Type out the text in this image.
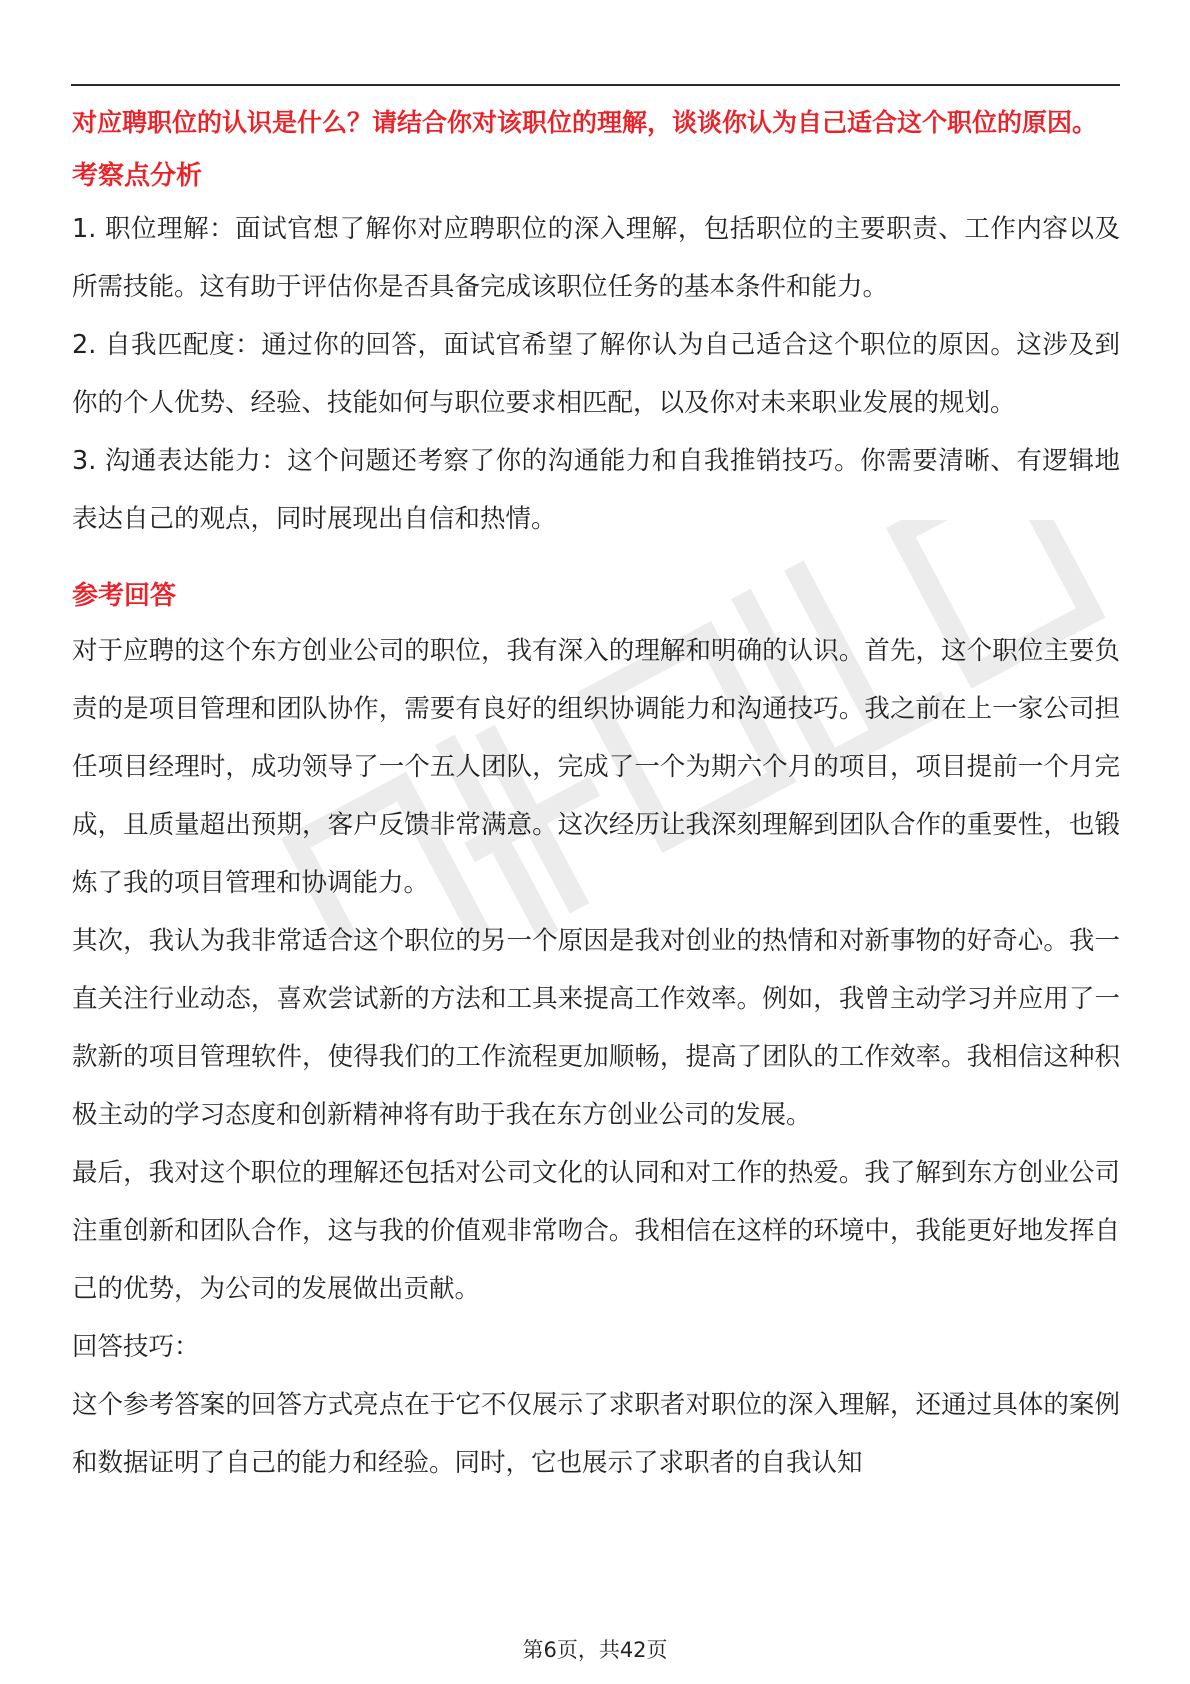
对应聘职位的认识是什么？请结合你对该职位的理解，谈谈你认为自己适合这个职位的原因。

考察点分析

1. 职位理解：面试官想了解你对应聘职位的深入理解，包括职位的主要职责、工作内容以及所需技能。这有助于评估你是否具备完成该职位任务的基本条件和能力。

2. 自我匹配度：通过你的回答，面试官希望了解你认为自己适合这个职位的原因。这涉及到你的个人优势、经验、技能如何与职位要求相匹配，以及你对未来职业发展的规划。

3. 沟通表达能力：这个问题还考察了你的沟通能力和自我推销技巧。你需要清晰、有逻辑地表达自己的观点，同时展现出自信和热情。

参考回答

对于应聘的这个东方创业公司的职位，我有深入的理解和明确的认识。首先，这个职位主要负责的是项目管理和团队协作，需要有良好的组织协调能力和沟通技巧。我之前在上一家公司担任项目经理时，成功领导了一个五人团队，完成了一个为期六个月的项目，项目提前一个月完成，且质量超出预期，客户反馈非常满意。这次经历让我深刻理解到团队合作的重要性，也锻炼了我的项目管理和协调能力。

其次，我认为我非常适合这个职位的另一个原因是我对创业的热情和对新事物的好奇心。我一直关注行业动态，喜欢尝试新的方法和工具来提高工作效率。例如，我曾主动学习并应用了一款新的项目管理软件，使得我们的工作流程更加顺畅，提高了团队的工作效率。我相信这种积极主动的学习态度和创新精神将有助于我在东方创业公司的发展。

最后，我对这个职位的理解还包括对公司文化的认同和对工作的热爱。我了解到东方创业公司注重创新和团队合作，这与我的价值观非常吻合。我相信在这样的环境中，我能更好地发挥自己的优势，为公司的发展做出贡献。

回答技巧：

这个参考答案的回答方式亮点在于它不仅展示了求职者对职位的深入理解，还通过具体的案例和数据证明了自己的能力和经验。同时，它也展示了求职者的自我认知

第6页，共42页
